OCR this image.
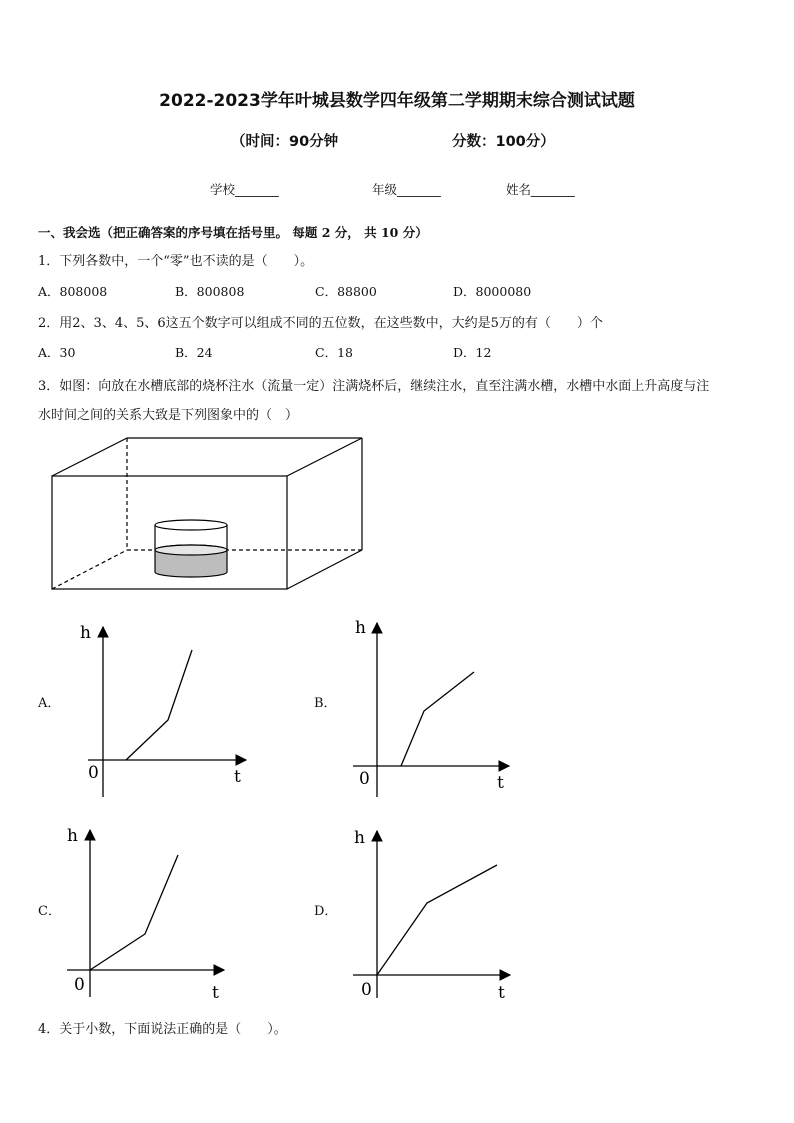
2022-2023学年叶城县数学四年级第二学期期末综合测试试题
（时间：90分钟	分数：100分）
学校_______	年级_______	姓名_______
一、我会选（把正确答案的序号填在括号里。 每题 2 分， 共 10 分）
1．下列各数中，一个“零”也不读的是（　　）。
A．808008	B．800808	C．88800	D．8000080
2．用2、3、4、5、6这五个数字可以组成不同的五位数，在这些数中，大约是5万的有（　　）个
A．30	B．24	C．18	D．12
3．如图：向放在水槽底部的烧杯注水（流量一定）注满烧杯后，继续注水，直至注满水槽，水槽中水面上升高度与注
水时间之间的关系大致是下列图象中的（　）
h
0	t
h
0	t
h
0	t
h
0	t
A．	B．
C．	D．
4．关于小数，下面说法正确的是（　　）。
